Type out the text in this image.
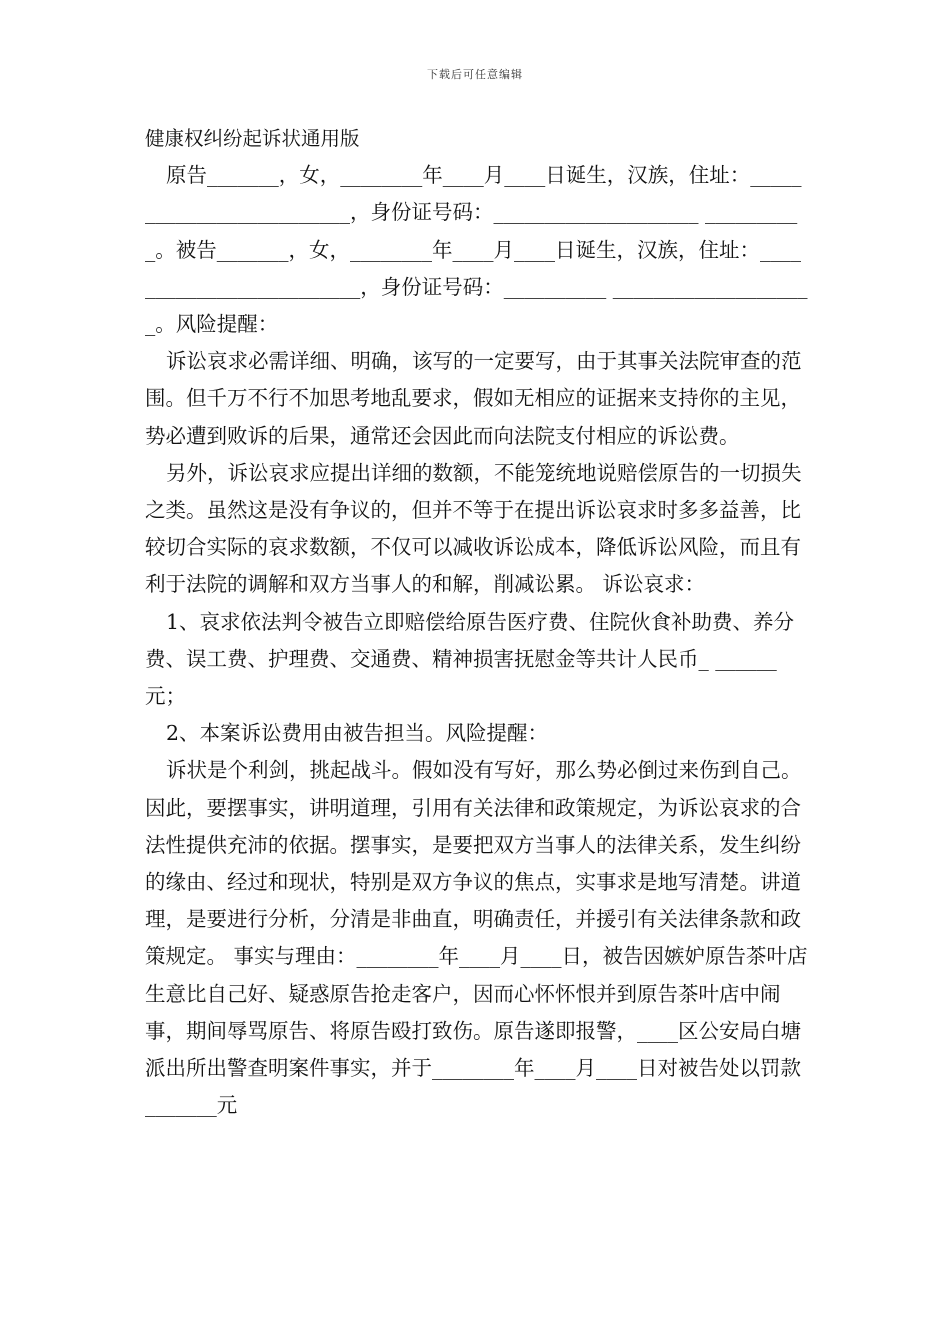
下载后可任意编辑

健康权纠纷起诉状通用版

原告_______，女，________年____月____日诞生，汉族，住址：_________________________，身份证号码：____________________ __________。被告_______，女，________年____月____日诞生，汉族，住址：_________________________，身份证号码：__________ ____________________。风险提醒：

诉讼哀求必需详细、明确，该写的一定要写，由于其事关法院审查的范围。但千万不行不加思考地乱要求，假如无相应的证据来支持你的主见，势必遭到败诉的后果，通常还会因此而向法院支付相应的诉讼费。

另外，诉讼哀求应提出详细的数额，不能笼统地说赔偿原告的一切损失之类。虽然这是没有争议的，但并不等于在提出诉讼哀求时多多益善，比较切合实际的哀求数额，不仅可以减收诉讼成本，降低诉讼风险，而且有利于法院的调解和双方当事人的和解，削减讼累。 诉讼哀求：

1、哀求依法判令被告立即赔偿给原告医疗费、住院伙食补助费、养分费、误工费、护理费、交通费、精神损害抚慰金等共计人民币_ ______元；

2、本案诉讼费用由被告担当。风险提醒：

诉状是个利剑，挑起战斗。假如没有写好，那么势必倒过来伤到自己。因此，要摆事实，讲明道理，引用有关法律和政策规定，为诉讼哀求的合法性提供充沛的依据。摆事实，是要把双方当事人的法律关系，发生纠纷的缘由、经过和现状，特别是双方争议的焦点，实事求是地写清楚。讲道理，是要进行分析，分清是非曲直，明确责任，并援引有关法律条款和政策规定。 事实与理由：________年____月____日，被告因嫉妒原告茶叶店生意比自己好、疑惑原告抢走客户，因而心怀怀恨并到原告茶叶店中闹事，期间辱骂原告、将原告殴打致伤。原告遂即报警，____区公安局白塘派出所出警查明案件事实，并于________年____月____日对被告处以罚款_______元
